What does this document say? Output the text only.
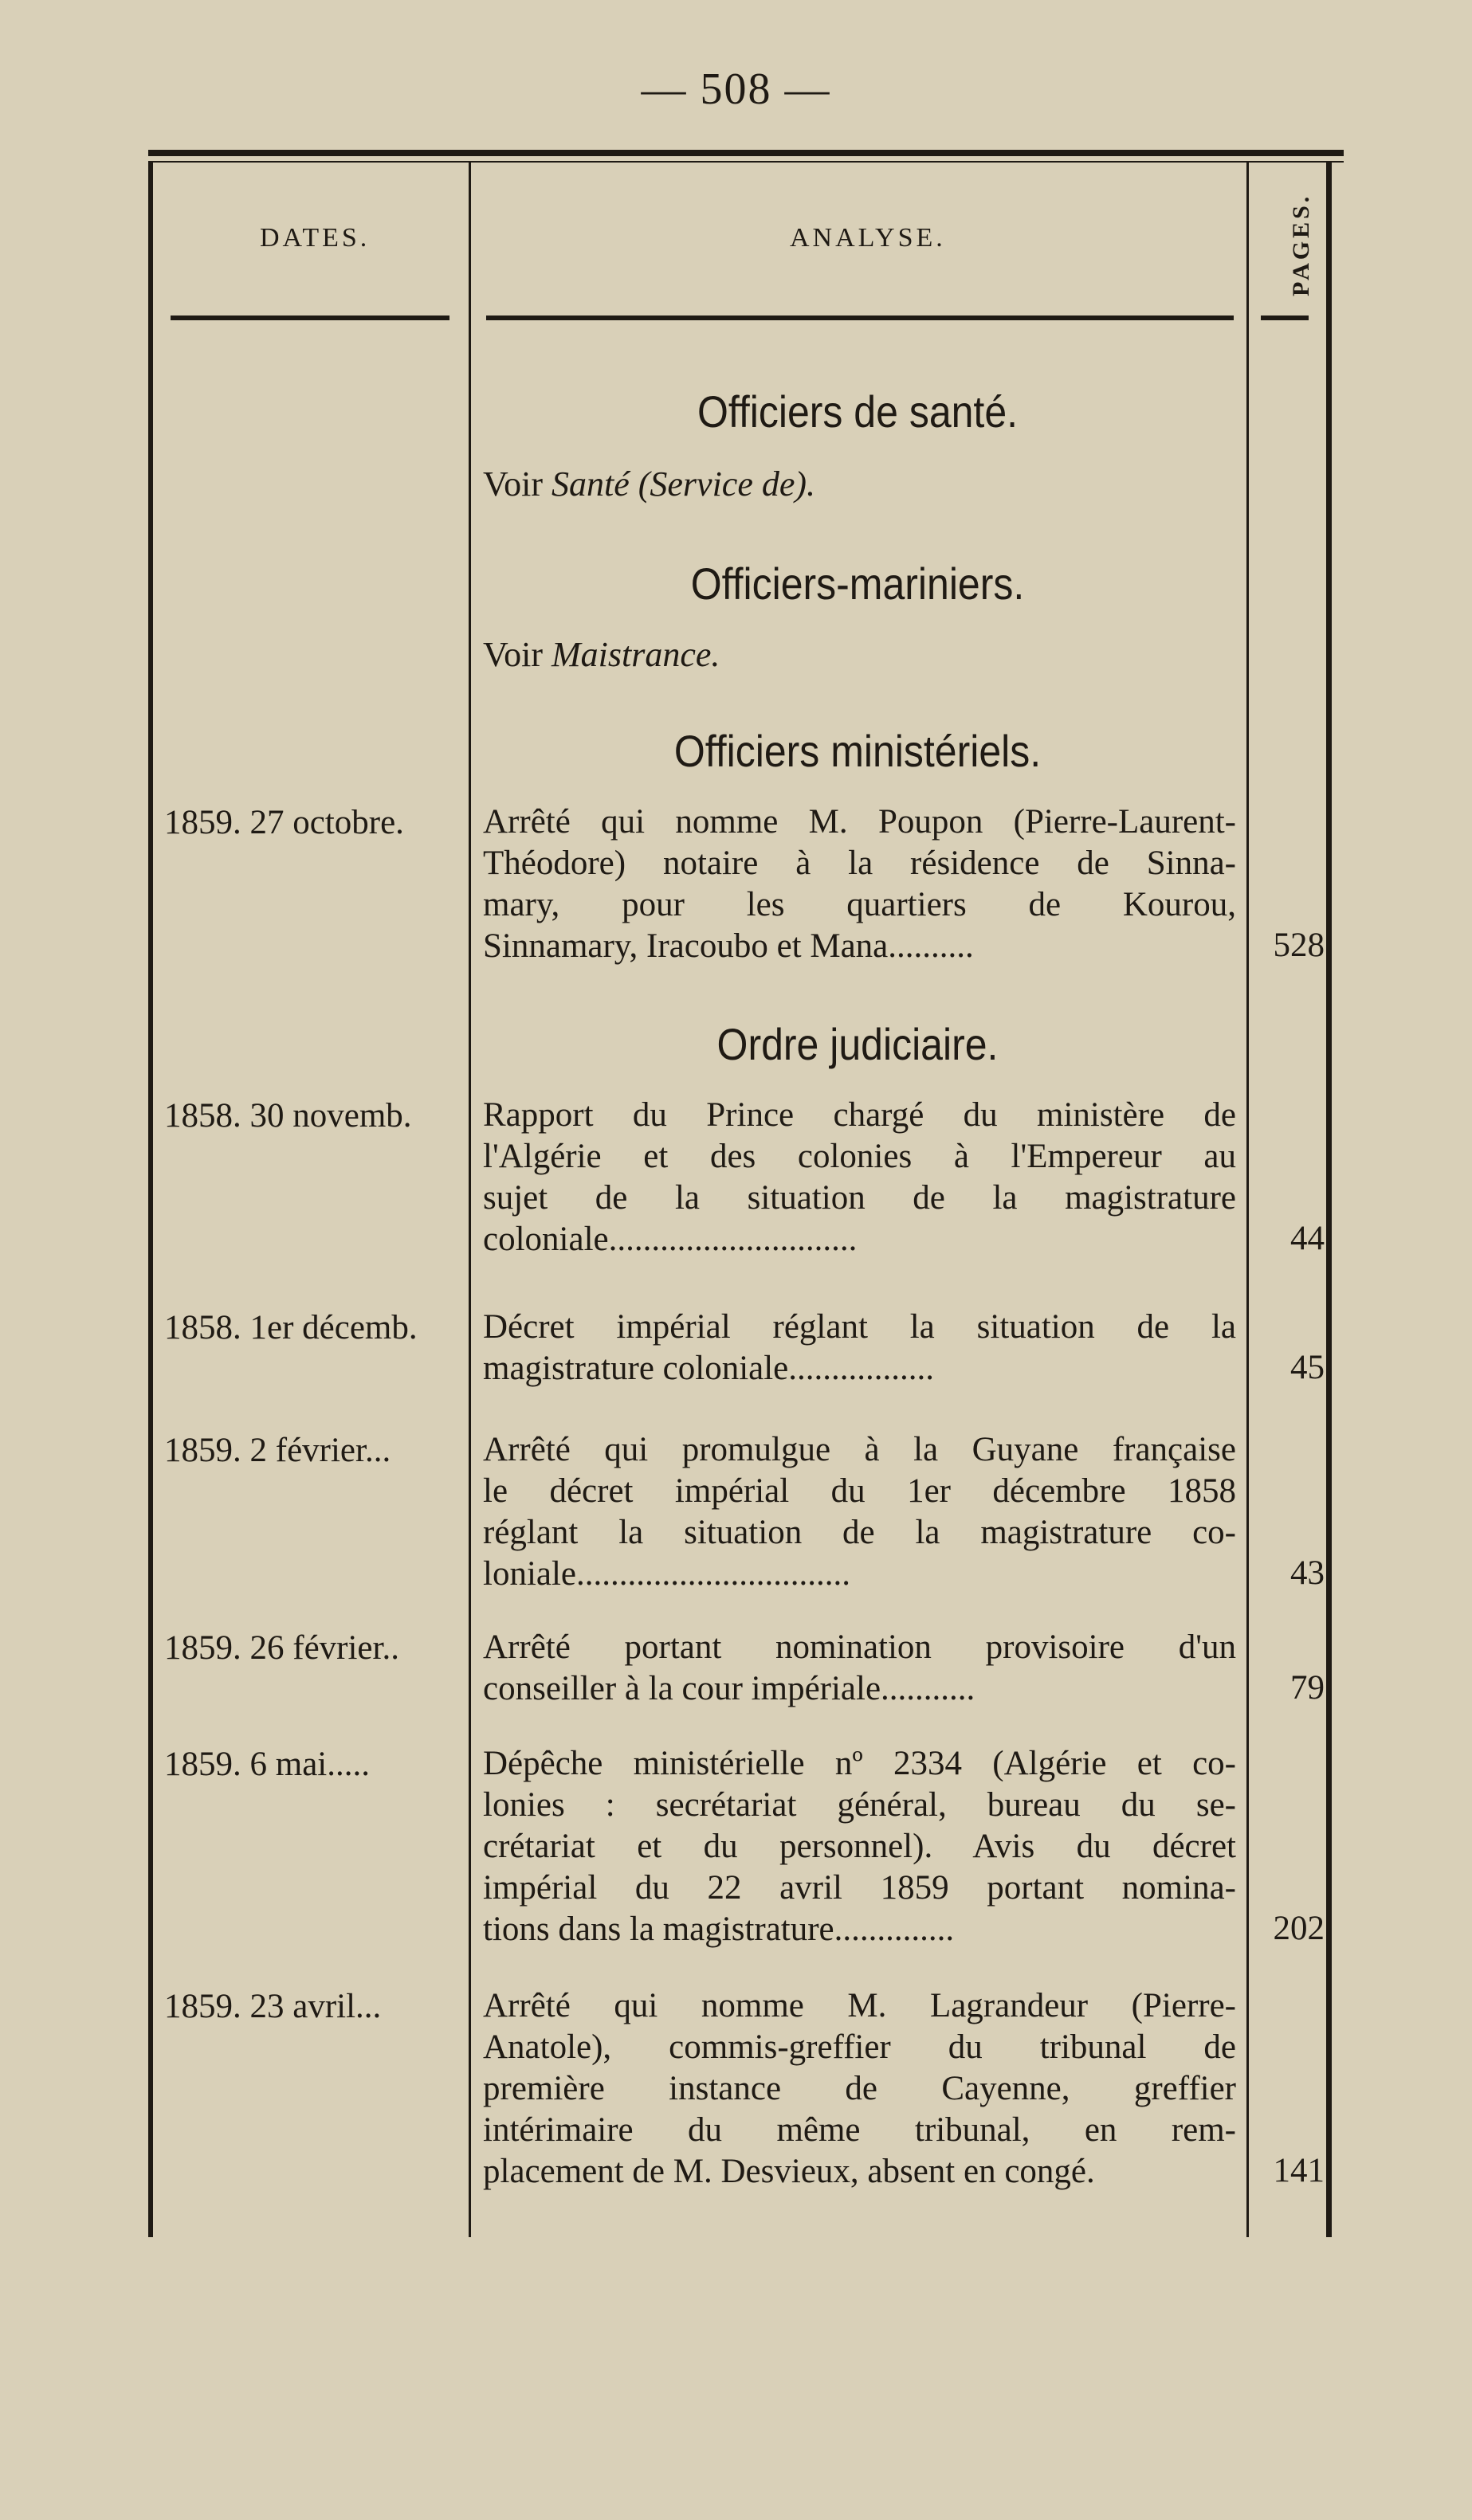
— 508 —
DATES.	ANALYSE.	PAGES.
Officiers de santé.
Voir Santé (Service de).
Officiers-mariniers.
Voir Maistrance.
Officiers ministériels.
1859. 27 octobre. Arrêté qui nomme M. Poupon (Pierre-Laurent-
Théodore) notaire à la résidence de Sinna-
mary, pour les quartiers de Kourou,
Sinnamary, Iracoubo et Mana..........	528
Ordre judiciaire.
1858. 30 novemb. Rapport du Prince chargé du ministère de
l'Algérie et des colonies à l'Empereur au
sujet de la situation de la magistrature
coloniale.............................	44
1858. 1er décemb. Décret impérial réglant la situation de la
magistrature coloniale.................	45
1859. 2 février...	Arrêté qui promulgue à la Guyane française
le décret impérial du 1er décembre 1858
réglant la situation de la magistrature co-
loniale................................	43
1859. 26 février.. Arrêté portant nomination provisoire d'un
conseiller à la cour impériale...........	79
1859. 6 mai.....	Dépêche ministérielle nº 2334 (Algérie et co-
lonies : secrétariat général, bureau du se-
crétariat et du personnel). Avis du décret
impérial du 22 avril 1859 portant nomina-
tions dans la magistrature..............	202
1859. 23 avril...	Arrêté qui nomme M. Lagrandeur (Pierre-
Anatole), commis-greffier du tribunal de
première instance de Cayenne, greffier
intérimaire du même tribunal, en rem-
placement de M. Desvieux, absent en congé.	141
